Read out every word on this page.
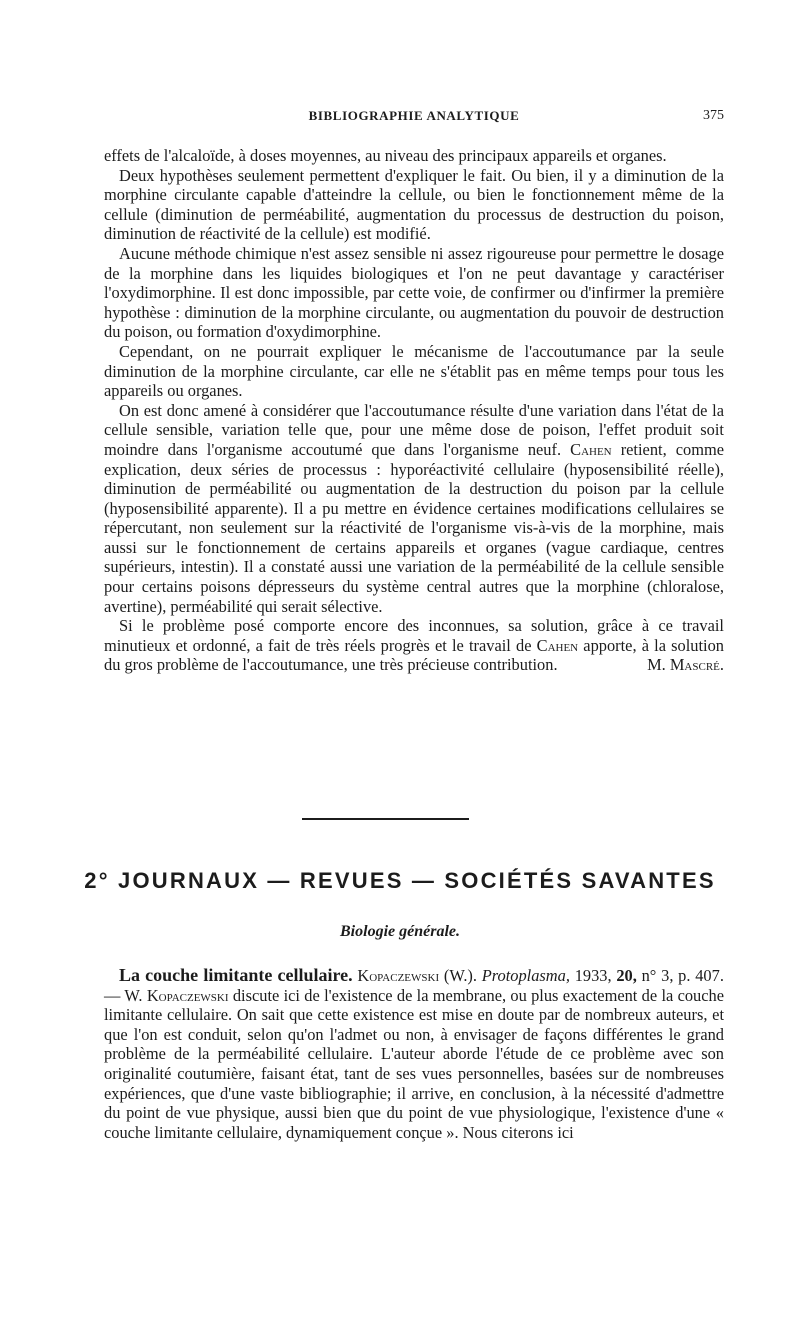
BIBLIOGRAPHIE ANALYTIQUE	375

effets de l'alcaloïde, à doses moyennes, au niveau des principaux appareils et organes.

Deux hypothèses seulement permettent d'expliquer le fait. Ou bien, il y a diminution de la morphine circulante capable d'atteindre la cellule, ou bien le fonctionnement même de la cellule (diminution de perméabilité, augmentation du processus de destruction du poison, diminution de réactivité de la cellule) est modifié.

Aucune méthode chimique n'est assez sensible ni assez rigoureuse pour permettre le dosage de la morphine dans les liquides biologiques et l'on ne peut davantage y caractériser l'oxydimorphine. Il est donc impossible, par cette voie, de confirmer ou d'infirmer la première hypothèse : diminution de la morphine circulante, ou augmentation du pouvoir de destruction du poison, ou formation d'oxydimorphine.

Cependant, on ne pourrait expliquer le mécanisme de l'accoutumance par la seule diminution de la morphine circulante, car elle ne s'établit pas en même temps pour tous les appareils ou organes.

On est donc amené à considérer que l'accoutumance résulte d'une variation dans l'état de la cellule sensible, variation telle que, pour une même dose de poison, l'effet produit soit moindre dans l'organisme accoutumé que dans l'organisme neuf. Cahen retient, comme explication, deux séries de processus : hyporéactivité cellulaire (hyposensibilité réelle), diminution de perméabilité ou augmentation de la destruction du poison par la cellule (hyposensibilité apparente). Il a pu mettre en évidence certaines modifications cellulaires se répercutant, non seulement sur la réactivité de l'organisme vis-à-vis de la morphine, mais aussi sur le fonctionnement de certains appareils et organes (vague cardiaque, centres supérieurs, intestin). Il a constaté aussi une variation de la perméabilité de la cellule sensible pour certains poisons dépresseurs du système central autres que la morphine (chloralose, avertine), perméabilité qui serait sélective.

Si le problème posé comporte encore des inconnues, sa solution, grâce à ce travail minutieux et ordonné, a fait de très réels progrès et le travail de Cahen apporte, à la solution du gros problème de l'accoutumance, une très précieuse contribution.	M. Mascré.

2° JOURNAUX — REVUES — SOCIÉTÉS SAVANTES
Biologie générale.

La couche limitante cellulaire. Kopaczewski (W.). Protoplasma, 1933, 20, n° 3, p. 407. — W. Kopaczewski discute ici de l'existence de la membrane, ou plus exactement de la couche limitante cellulaire. On sait que cette existence est mise en doute par de nombreux auteurs, et que l'on est conduit, selon qu'on l'admet ou non, à envisager de façons différentes le grand problème de la perméabilité cellulaire. L'auteur aborde l'étude de ce problème avec son originalité coutumière, faisant état, tant de ses vues personnelles, basées sur de nombreuses expériences, que d'une vaste bibliographie; il arrive, en conclusion, à la nécessité d'admettre du point de vue physique, aussi bien que du point de vue physiologique, l'existence d'une « couche limitante cellulaire, dynamiquement conçue ». Nous citerons ici
